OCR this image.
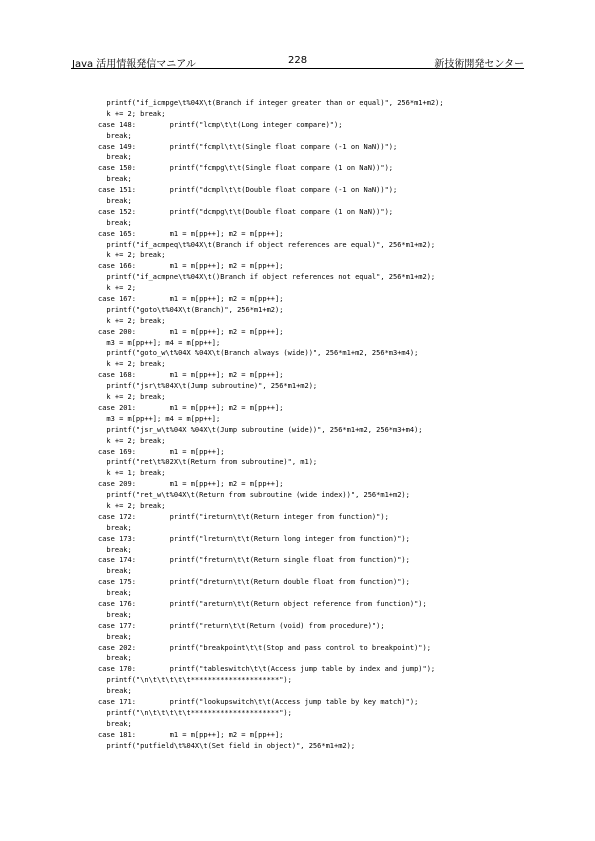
Java 活用情報発信マニアル	228	新技術開発センター
printf("if_icmpge\t%04X\t(Branch if integer greater than or equal)", 256*m1+m2);
k += 2; break;
case 148:        printf("lcmp\t\t(Long integer compare)");
break;
case 149:        printf("fcmpl\t\t(Single float compare (-1 on NaN))");
break;
case 150:        printf("fcmpg\t\t(Single float compare (1 on NaN))");
break;
case 151:        printf("dcmpl\t\t(Double float compare (-1 on NaN))");
break;
case 152:        printf("dcmpg\t\t(Double float compare (1 on NaN))");
break;
case 165:        m1 = m[pp++]; m2 = m[pp++];
printf("if_acmpeq\t%04X\t(Branch if object references are equal)", 256*m1+m2);
k += 2; break;
case 166:        m1 = m[pp++]; m2 = m[pp++];
printf("if_acmpne\t%04X\t()Branch if object references not equal", 256*m1+m2);
k += 2;
case 167:        m1 = m[pp++]; m2 = m[pp++];
printf("goto\t%04X\t(Branch)", 256*m1+m2);
k += 2; break;
case 200:        m1 = m[pp++]; m2 = m[pp++];
m3 = m[pp++]; m4 = m[pp++];
printf("goto_w\t%04X %04X\t(Branch always (wide))", 256*m1+m2, 256*m3+m4);
k += 2; break;
case 168:        m1 = m[pp++]; m2 = m[pp++];
printf("jsr\t%04X\t(Jump subroutine)", 256*m1+m2);
k += 2; break;
case 201:        m1 = m[pp++]; m2 = m[pp++];
m3 = m[pp++]; m4 = m[pp++];
printf("jsr_w\t%04X %04X\t(Jump subroutine (wide))", 256*m1+m2, 256*m3+m4);
k += 2; break;
case 169:        m1 = m[pp++];
printf("ret\t%02X\t(Return from subroutine)", m1);
k += 1; break;
case 209:        m1 = m[pp++]; m2 = m[pp++];
printf("ret_w\t%04X\t(Return from subroutine (wide index))", 256*m1+m2);
k += 2; break;
case 172:        printf("ireturn\t\t(Return integer from function)");
break;
case 173:        printf("lreturn\t\t(Return long integer from function)");
break;
case 174:        printf("freturn\t\t(Return single float from function)");
break;
case 175:        printf("dreturn\t\t(Return double float from function)");
break;
case 176:        printf("areturn\t\t(Return object reference from function)");
break;
case 177:        printf("return\t\t(Return (void) from procedure)");
break;
case 202:        printf("breakpoint\t\t(Stop and pass control to breakpoint)");
break;
case 170:        printf("tableswitch\t\t(Access jump table by index and jump)");
printf("\n\t\t\t\t\t*********************");
break;
case 171:        printf("lookupswitch\t\t(Access jump table by key match)");
printf("\n\t\t\t\t\t*********************");
break;
case 181:        m1 = m[pp++]; m2 = m[pp++];
printf("putfield\t%04X\t(Set field in object)", 256*m1+m2);
